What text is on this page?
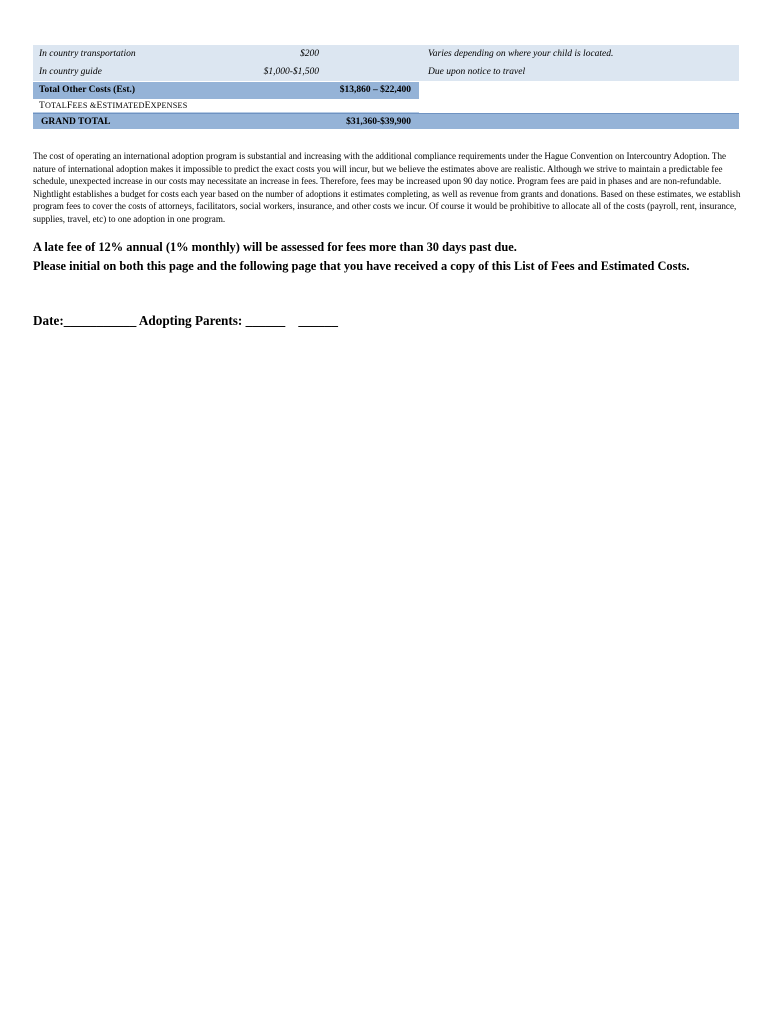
In country transportation	$200	Varies depending on where your child is located.
In country guide	$1,000-$1,500	Due upon notice to travel
Total Other Costs (Est.)	$13,860 – $22,400
T OTAL F EES & E STIMATED E XPENSES
GRAND TOTAL	$31,360-$39,900

The cost of operating an international adoption program is substantial and increasing with the additional compliance requirements under the Hague Convention on Intercountry Adoption. The nature of international adoption makes it impossible to predict the exact costs you will incur, but we believe the estimates above are realistic. Although we strive to maintain a predictable fee schedule, unexpected increase in our costs may necessitate an increase in fees. Therefore, fees may be increased upon 90 day notice. Program fees are paid in phases and are non-refundable. Nightlight establishes a budget for costs each year based on the number of adoptions it estimates completing, as well as revenue from grants and donations. Based on these estimates, we establish program fees to cover the costs of attorneys, facilitators, social workers, insurance, and other costs we incur. Of course it would be prohibitive to allocate all of the costs (payroll, rent, insurance, supplies, travel, etc) to one adoption in one program.

A late fee of 12% annual (1% monthly) will be assessed for fees more than 30 days past due.

Please initial on both this page and the following page that you have received a copy of this List of Fees and Estimated Costs.

Date:___________ Adopting Parents: ______ ______
